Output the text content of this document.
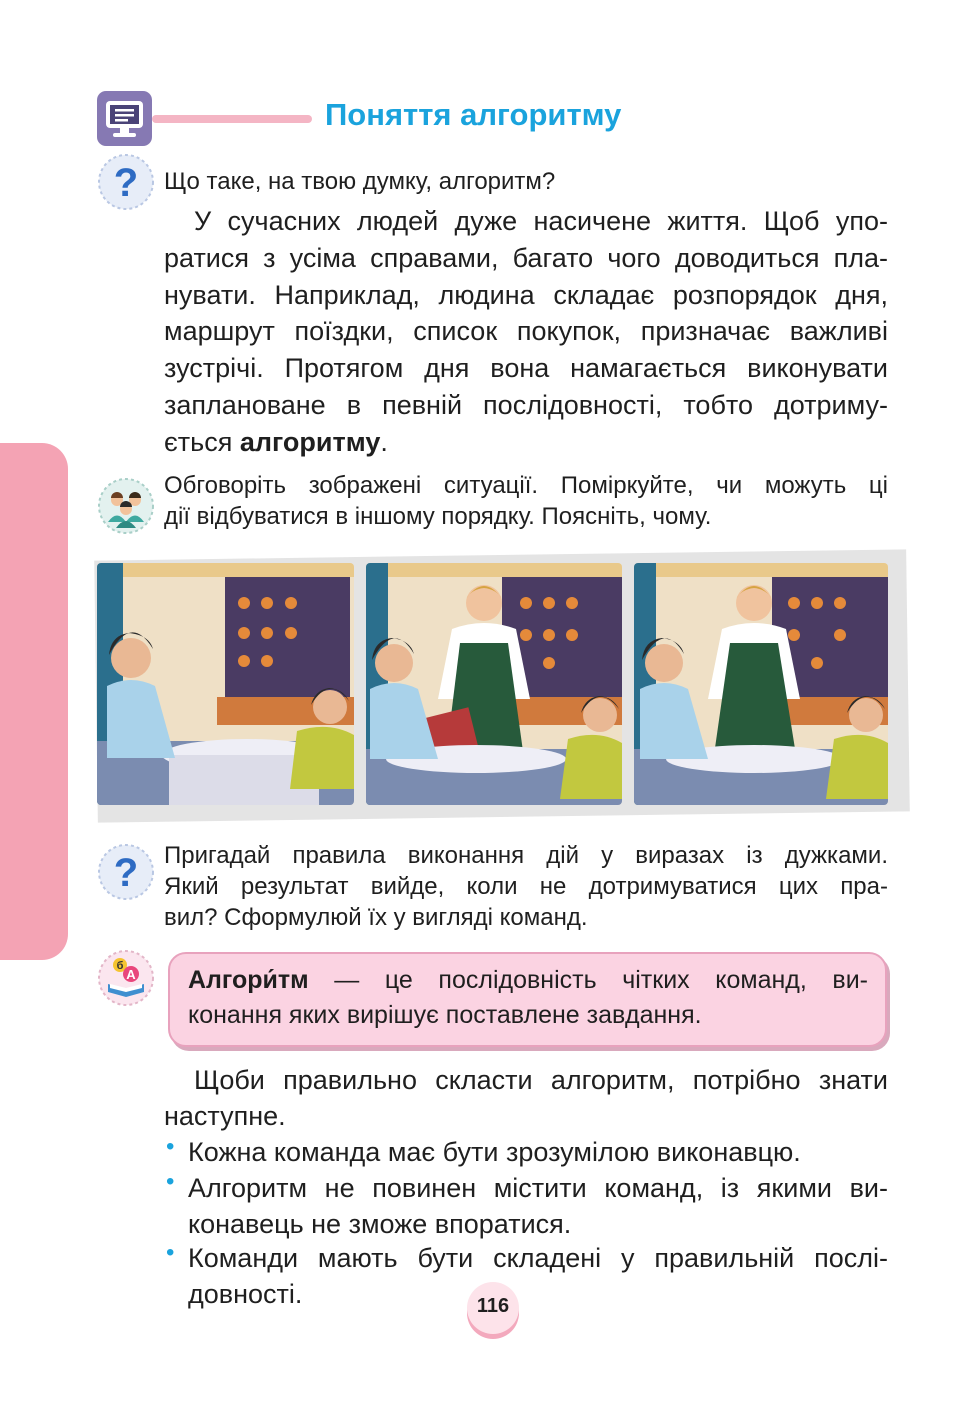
Поняття алгоритму
? Що таке, на твою думку, алгоритм?
У сучасних людей дуже насичене життя. Щоб упо-
ратися з усіма справами, багато чого доводиться пла-
нувати. Наприклад, людина складає розпорядок дня,
маршрут поїздки, список покупок, призначає важливі
зустрічі. Протягом дня вона намагається виконувати
заплановане в певній послідовності, тобто дотриму-
ється алгоритму.
Обговоріть зображені ситуації. Поміркуйте, чи можуть ці
дії відбуватися в іншому порядку. Поясніть, чому.
? Пригадай правила виконання дій у виразах із дужками.
Який результат вийде, коли не дотримуватися цих пра-
вил? Сформулюй їх у вигляді команд.
б
А Алгори́тм — це послідовність чітких команд, ви-
конання яких вирішує поставлене завдання.
Щоби правильно скласти алгоритм, потрібно знати
наступне.
• Кожна команда має бути зрозумілою виконавцю.
• Алгоритм не повинен містити команд, із якими ви-
конавець не зможе впоратися.
• Команди мають бути складені у правильній послі-
довності.	116
